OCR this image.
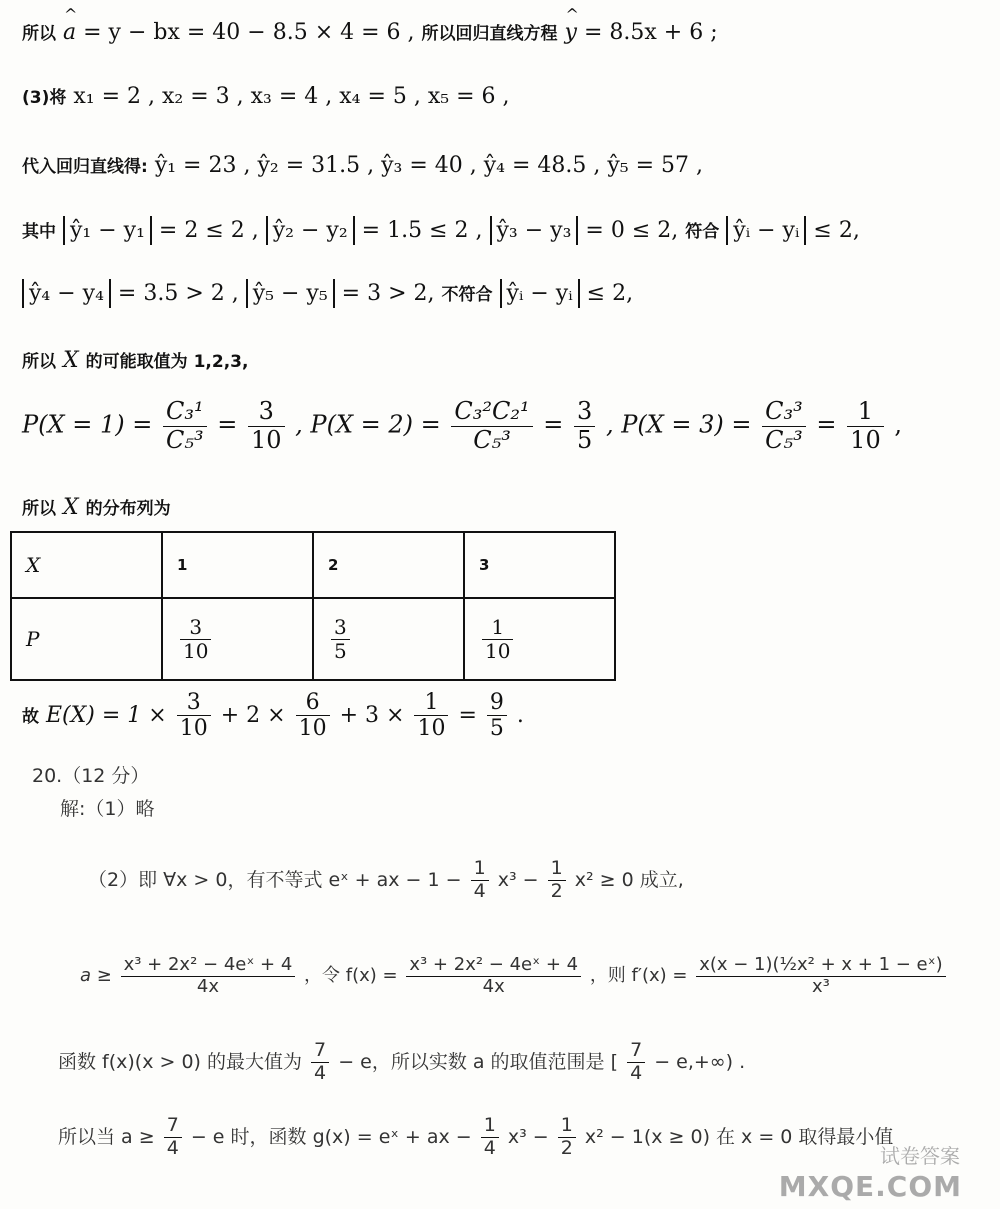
所以 ^ a = y − bx = 40 − 8.5 × 4 = 6 , 所以回归直线方程 ^ y = 8.5x + 6 ;
(3)将 x₁ = 2 , x₂ = 3 , x₃ = 4 , x₄ = 5 , x₅ = 6 ,
代入回归直线得: ŷ₁ = 23 , ŷ₂ = 31.5 , ŷ₃ = 40 , ŷ₄ = 48.5 , ŷ₅ = 57 ,
其中 ŷ₁ − y₁ = 2 ≤ 2 , ŷ₂ − y₂ = 1.5 ≤ 2 , ŷ₃ − y₃ = 0 ≤ 2, 符合 ŷᵢ − yᵢ ≤ 2,
ŷ₄ − y₄ = 3.5 > 2 , ŷ₅ − y₅ = 3 > 2, 不符合 ŷᵢ − yᵢ ≤ 2,
所以 X 的可能取值为 1,2,3,
$P(X = 1) = \frac{\text{C₃¹}}{\text{C₅³}} = \frac{3}{10}$ , $P(X = 2) = \frac{\text{C₃²C₂¹}}{\text{C₅³}} = \frac{3}{5}$ , $P(X = 3) = \frac{\text{C₃³}}{\text{C₅³}} = \frac{1}{10}$ ,
所以 X 的分布列为
X	1	2	3
P	$\frac{3}{10}$	$\frac{3}{5}$	$\frac{1}{10}$
故 $E(X) = 1 \times \frac{3}{10} + 2 \times \frac{6}{10} + 3 \times \frac{1}{10} = \frac{9}{5}$ .
20.（12 分）
解:（1）略
（2）即 ∀x > 0，有不等式 eˣ + ax − $1 - \frac{1}{4} x^3 - \frac{1}{2} x^2 \ge 0$ 成立,
$a \ge \frac{\text{x³ + 2x² − 4eˣ + 4}}{4x}$ ，令 $f(x) = \frac{\text{x³ + 2x² − 4eˣ + 4}}{4x}$ ，则 $f'(x) = \frac{\text{x(x − 1)(½x² + x + 1 − eˣ)}}{\text{x³}}$
函数 f(x)(x > 0) 的最大值为 $\frac{7}{4} - e$，所以实数 a 的取值范围是 [ $\frac{7}{4} - e,+\infty$) .
所以当 $a \ge \frac{7}{4} - e$ 时，函数 g(x) = eˣ + ax − $\frac{1}{4} x^3 - \frac{1}{2} x^2 - 1(x \ge 0)$ 在 x = 0 取得最小值
试卷答案
MXQE.COM
